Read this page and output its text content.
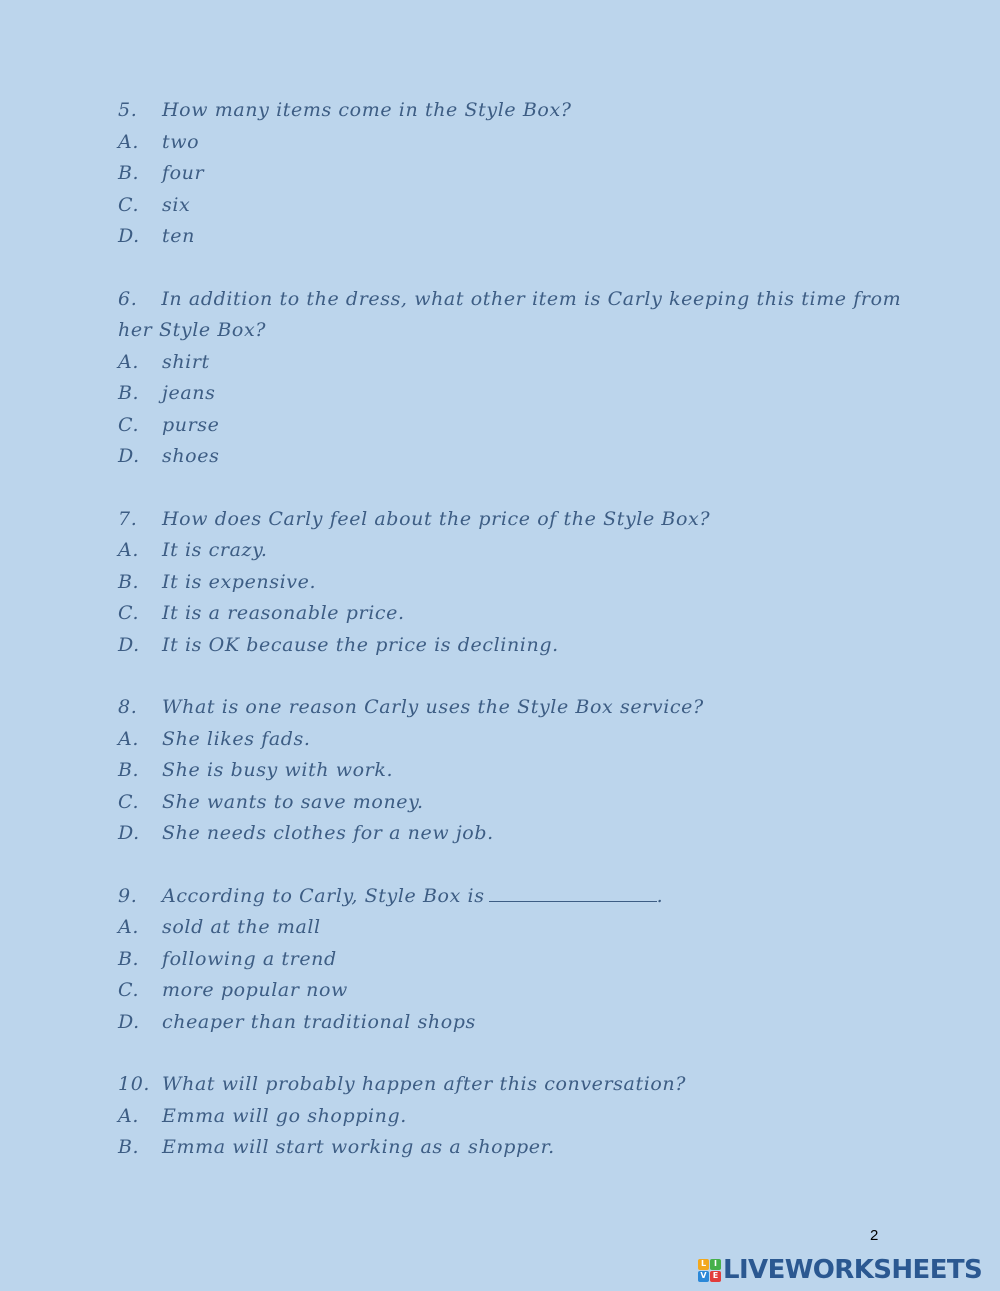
5. How many items come in the Style Box?
A. two
B. four
C. six
D. ten
6. In addition to the dress, what other item is Carly keeping this time from her Style Box?
A. shirt
B. jeans
C. purse
D. shoes
7. How does Carly feel about the price of the Style Box?
A. It is crazy.
B. It is expensive.
C. It is a reasonable price.
D. It is OK because the price is declining.
8. What is one reason Carly uses the Style Box service?
A. She likes fads.
B. She is busy with work.
C. She wants to save money.
D. She needs clothes for a new job.
9. According to Carly, Style Box is	.
A. sold at the mall
B. following a trend
C. more popular now
D. cheaper than traditional shops
10. What will probably happen after this conversation?
A. Emma will go shopping.
B. Emma will start working as a shopper.
2
L I
V E LIVEWORKSHEETS
